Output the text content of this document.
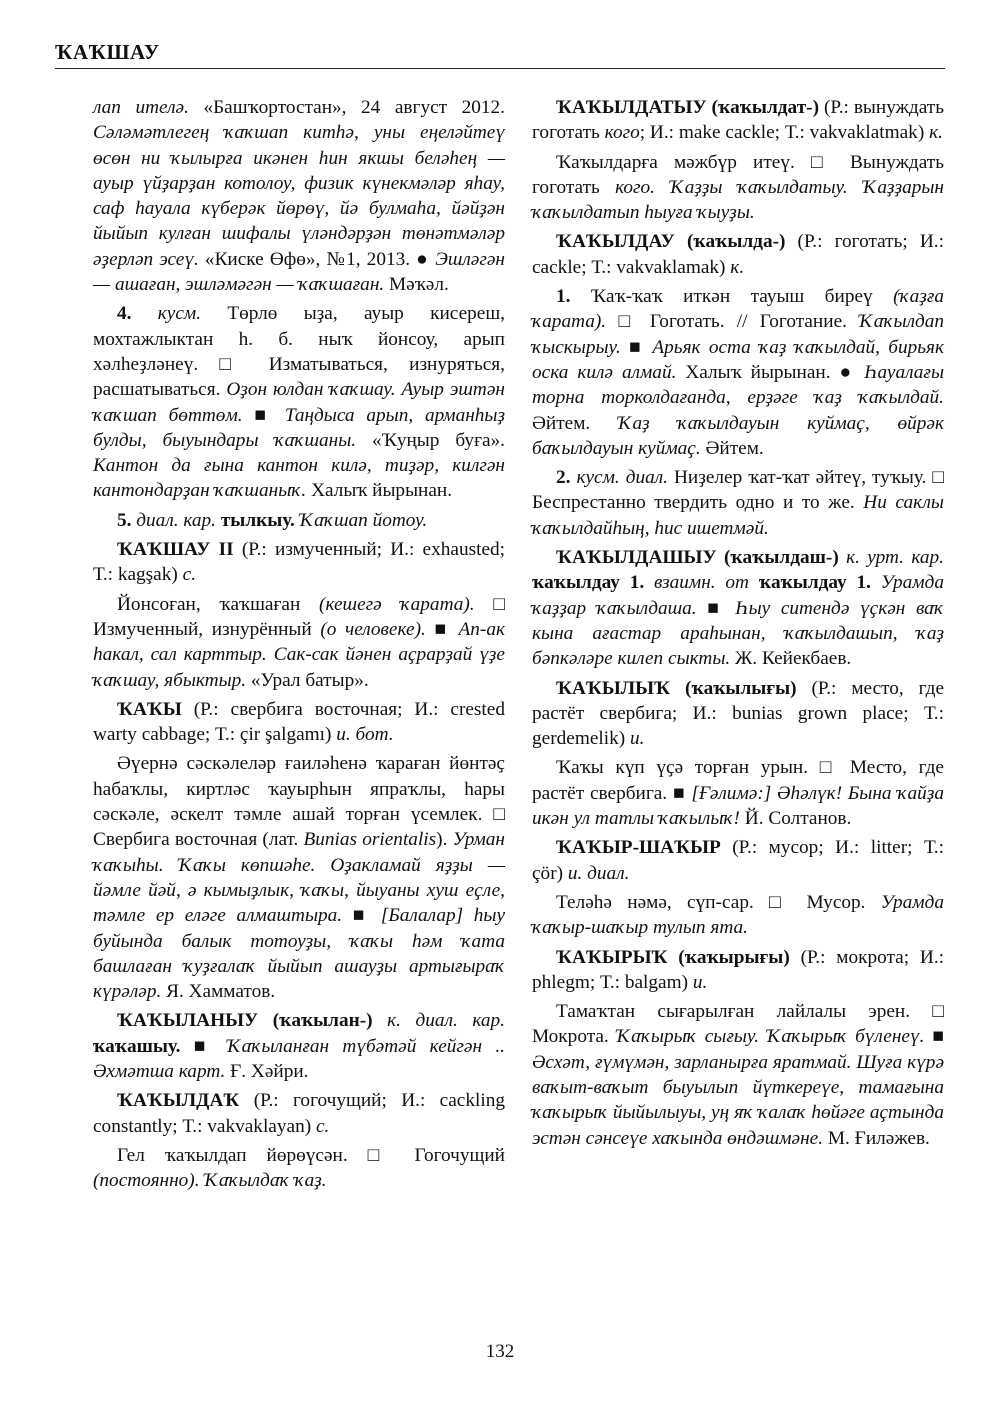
ҠАҠШАУ

лап ителә. «Башҡортостан», 24 август 2012. Сәләмәтлегең ҡаҡшап китһә, уны еңеләйтеү өсөн ни ҡылырға икәнен һин якшы беләһең — ауыр үйҙарҙан котолоу, физик күнекмәләр яһау, саф һауала күберәк йөрөү, йә булмаһа, йәйҙән йыйып кулған шифалы үләндәрҙән төнәтмәләр әҙерләп эсеү. «Киске Өфө», №1, 2013. ● Эшләгән — ашаған, эшләмәгән — ҡаҡшаған. Мәҡәл.

4. кусм. Төрлө ыҙа, ауыр кисереш, мохтажлыктан һ. б. ныҡ йонсоу, арып хәлһеҙләнеү. □ Изматываться, изнуряться, расшатываться. Оҙон юлдан ҡаҡшау. Ауыр эштән ҡаҡшап бөттөм. ■ Таңдыса арып, арманһыҙ булды, быуындары ҡаҡшаны. «Ҡуңыр буға». Кантон да ғына кантон килә, тиҙәр, килгән кантондарҙан ҡаҡшаныҡ. Халыҡ йырынан.

5. диал. кар. тылкыу. Ҡаҡшап йотоу.

ҠАҠШАУ II (Р.: измученный; И.: exhausted; Т.: kagşak) с.

Йонсоған, ҡаҡшаған (кешегә ҡарата). □ Измученный, изнурённый (о человеке). ■ Ап-ак һакал, сал карттыр. Сак-сак йәнен аҫрарҙай үҙе ҡаҡшау, ябыктыр. «Урал батыр».

ҠАҠЫ (Р.: свербига восточная; И.: crested warty cabbage; Т.: çir şalgamı) и. бот.

Әүернә сәскәлеләр ғаиләһенә ҡараған йөнтәҫ һабаҡлы, киртләс ҡауырһын япраҡлы, һары сәскәле, әскелт тәмле ашай торған үсемлек. □ Свербига восточная (лат. Bunias orientalis). Урман ҡаҡыһы. Ҡаҡы көпшәһе. Оҙакламай яҙҙы — йәмле йәй, ә кымыҙлык, ҡаҡы, йыуаны хуш еҫле, тәмле ер еләге алмаштыра. ■ [Балалар] һыу буйында балык тотоуҙы, ҡаҡы һәм ҡата башлаған ҡуҙғалаҡ йыйып ашауҙы артығыраҡ күрәләр. Я. Хамматов.

ҠАҠЫЛАНЫУ (ҡаҡылан-) к. диал. кар. ҡаҡашыу. ■ Ҡаҡыланған түбәтәй кейгән .. Әхмәтша карт. Ғ. Хәйри.

ҠАҠЫЛДАҠ (Р.: гогочущий; И.: cackling constantly; Т.: vakvaklayan) с.

Гел ҡаҡылдап йөрөүсән. □ Гогочущий (постоянно). Ҡаҡылдаҡ ҡаҙ.

ҠАҠЫЛДАТЫУ (ҡаҡылдат-) (Р.: вынуждать гоготать кого; И.: make cackle; Т.: vakvaklatmak) к.

Ҡаҡылдарға мәжбүр итеү. □ Вынуждать гоготать кого. Ҡаҙҙы ҡаҡылдатыу. Ҡаҙҙарын ҡаҡылдатып һыуға ҡыуҙы.

ҠАҠЫЛДАУ (ҡаҡылда-) (Р.: гоготать; И.: cackle; Т.: vakvaklamak) к.

1. Ҡаҡ-ҡаҡ иткән тауыш биреү (ҡаҙға ҡарата). □ Гоготать. // Гоготание. Ҡаҡылдап ҡыскырыу. ■ Арьяк оста ҡаҙ ҡаҡылдай, бирьяк оска килә алмай. Халыҡ йырынан. ● Һауалағы торна торколдағанда, ерҙәге ҡаҙ ҡаҡылдай. Әйтем. Ҡаҙ ҡаҡылдауын куймаҫ, өйрәк баҡылдауын куймаҫ. Әйтем.

2. кусм. диал. Ниҙелер ҡат-ҡат әйтеү, туҡыу. □ Беспрестанно твердить одно и то же. Ни саклы ҡаҡылдайһың, һис ишетмәй.

ҠАҠЫЛДАШЫУ (ҡаҡылдаш-) к. урт. кар. ҡаҡылдау 1. взаимн. от ҡаҡылдау 1. Урамда ҡаҙҙар ҡаҡылдаша. ■ Һыу ситендә үҫкән ваҡ кына ағастар араһынан, ҡаҡылдашып, ҡаҙ бәпкәләре килеп сыкты. Ж. Кейекбаев.

ҠАҠЫЛЫҠ (ҡаҡылығы) (Р.: место, где растёт свербига; И.: bunias grown place; Т.: gerdemelik) и.

Ҡаҡы күп үҫә торған урын. □ Место, где растёт свербига. ■ [Ғәлимә:] Әһәлүк! Бына ҡайҙа икән ул татлы ҡаҡылыҡ! Й. Солтанов.

ҠАҠЫР-ШАҠЫР (Р.: мусор; И.: litter; Т.: çör) и. диал.

Теләһә нәмә, сүп-сар. □ Мусор. Урамда ҡаҡыр-шаҡыр тулып ята.

ҠАҠЫРЫҠ (ҡаҡырығы) (Р.: мокрота; И.: phlegm; Т.: balgam) и.

Тамаҡтан сығарылған лайлалы эрен. □ Мокрота. Ҡаҡырыҡ сығыу. Ҡаҡырыҡ бүленеү. ■ Әсхәт, ғүмүмән, зарланырға яратмай. Шуға күрә ваҡыт-ваҡыт быуылып йүткереүе, тамағына ҡаҡырыҡ йыйылыуы, уң яҡ ҡалаҡ һөйәге аҫтында эстән сәнсеүе хаҡында өндәшмәне. М. Ғиләжев.

132
